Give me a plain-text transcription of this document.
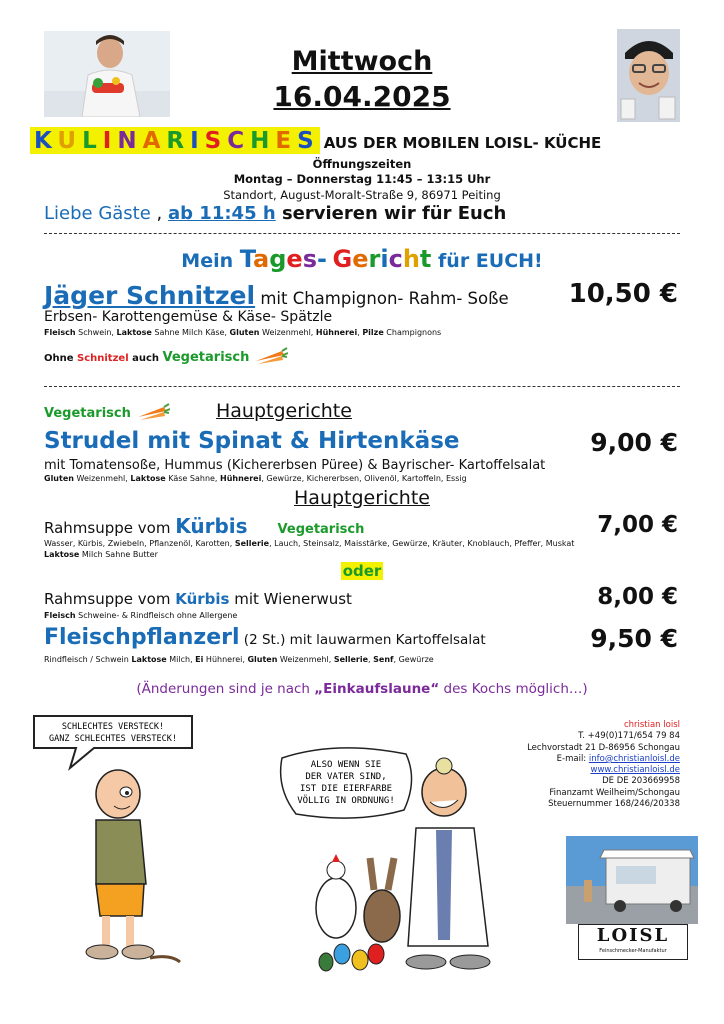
Mittwoch
16.04.2025
KULINARISCHES AUS DER MOBILEN LOISL- KÜCHE
Öffnungszeiten
Montag – Donnerstag 11:45 – 13:15 Uhr
Standort, August-Moralt-Straße 9, 86971 Peiting
Liebe Gäste , ab 11:45 h servieren wir für Euch
Mein Tages- Gericht für EUCH!
Jäger Schnitzel mit Champignon- Rahm- Soße 10,50 €
Erbsen- Karottengemüse & Käse- Spätzle
Fleisch Schwein, Laktose Sahne Milch Käse, Gluten Weizenmehl, Hühnerei, Pilze Champignons
Ohne Schnitzel auch Vegetarisch
Vegetarisch	Hauptgerichte
Strudel mit Spinat & Hirtenkäse	9,00 €
mit Tomatensoße, Hummus (Kichererbsen Püree) & Bayrischer- Kartoffelsalat
Gluten Weizenmehl, Laktose Käse Sahne, Hühnerei, Gewürze, Kichererbsen, Olivenöl, Kartoffeln, Essig
Hauptgerichte
Rahmsuppe vom Kürbis Vegetarisch	7,00 €
Wasser, Kürbis, Zwiebeln, Pflanzenöl, Karotten, Sellerie, Lauch, Steinsalz, Maisstärke, Gewürze, Kräuter, Knoblauch, Pfeffer, Muskat
Laktose Milch Sahne Butter
oder
Rahmsuppe vom Kürbis mit Wienerwust	8,00 €
Fleisch Schweine- & Rindfleisch ohne Allergene
Fleischpflanzerl (2 St.) mit lauwarmen Kartoffelsalat	9,50 €
Rindfleisch / Schwein Laktose Milch, Ei Hühnerei, Gluten Weizenmehl, Sellerie, Senf, Gewürze
(Änderungen sind je nach „Einkaufslaune“ des Kochs möglich…)
SCHLECHTES VERSTECK!
GANZ SCHLECHTES VERSTECK!
ALSO WENN SIE
DER VATER SIND,
IST DIE EIERFARBE
VÖLLIG IN ORDNUNG!
christian loisl
T. +49(0)171/654 79 84
Lechvorstadt 21 D-86956 Schongau
E-mail: info@christianloisl.de
www.christianloisl.de
DE DE 203669958
Finanzamt Weilheim/Schongau
Steuernummer 168/246/20338
LOISL
Feinschmecker-Manufaktur
